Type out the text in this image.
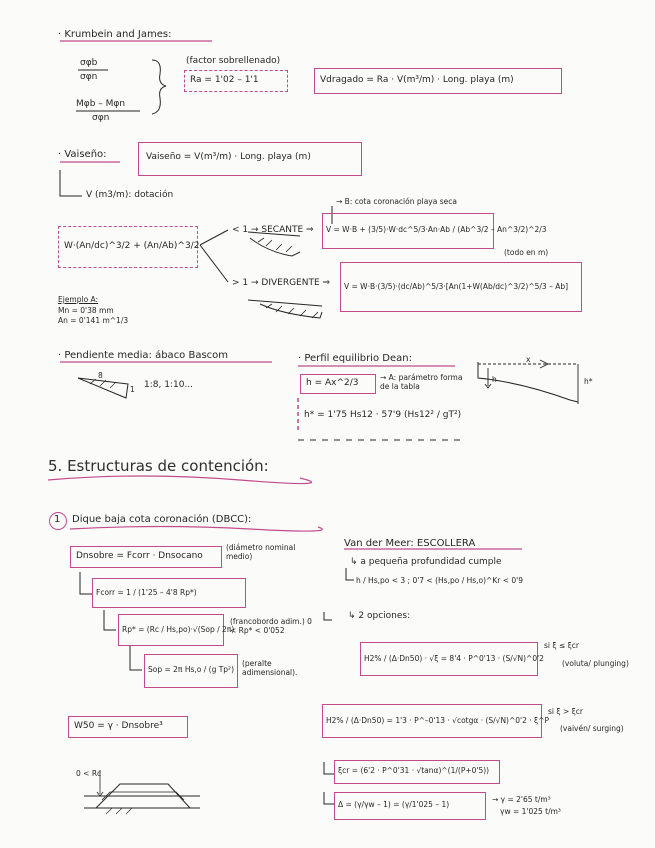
· Krumbein and James:
σφb
σφn
Mφb – Mφn
σφn
(factor sobrellenado)
Ra = 1'02 – 1'1	Vdragado = Ra · V(m³/m) · Long. playa (m)
· Vaiseño:	Vaiseño = V(m³/m) · Long. playa (m)
V (m3/m): dotación
→ B: cota coronación playa seca
W·(An/dc)^3/2 + (An/Ab)^3/2
< 1 → SECANTE ⇒ V = W·B + (3/5)·W·dc^5/3·An·Ab / (Ab^3/2 – An^3/2)^2/3
(todo en m)
> 1 → DIVERGENTE ⇒ V = W·B·(3/5)·(dc/Ab)^5/3·[An(1+W(Ab/dc)^3/2)^5/3 – Ab]
Ejemplo A:
Mn = 0'38 mm
An = 0'141 m^1/3
· Pendiente media: ábaco Bascom
8
1 1:8, 1:10...
· Perfil equilibrio Dean:
h = Ax^2/3
→ A: parámetro forma de la tabla
h* = 1'75 Hs12 · 57'9 (Hs12² / gT²)
x
h	h*
5. Estructuras de contención:
1 Dique baja cota coronación (DBCC):
Dnsobre = Fcorr · Dnsocano
(diámetro nominal medio)
Fcorr = 1 / (1'25 – 4'8 Rp*)
Rp* = (Rc / Hs,po)·√(Sop / 2π)
(francobordo adim.) 0 < Rp* < 0'052
Sop = 2π Hs,o / (g Tp²)
(peralte adimensional).
W50 = γ · Dnsobre³
0 < Rc
Van der Meer: ESCOLLERA
↳ a pequeña profundidad cumple
h / Hs,po < 3 ; 0'7 < (Hs,po / Hs,o)^Kr < 0'9
↳ 2 opciones:
H2% / (Δ·Dn50) · √ξ = 8'4 · P^0'13 · (S/√N)^0'2
si ξ ≤ ξcr
(voluta/ plunging)
H2% / (Δ·Dn50) = 1'3 · P^–0'13 · √cotgα · (S/√N)^0'2 · ξ^P
si ξ > ξcr
(vaivén/ surging)
ξcr = (6'2 · P^0'31 · √tanα)^(1/(P+0'5))
Δ = (γ/γw – 1) = (γ/1'025 – 1)
→ γ = 2'65 t/m³
γw = 1'025 t/m³
